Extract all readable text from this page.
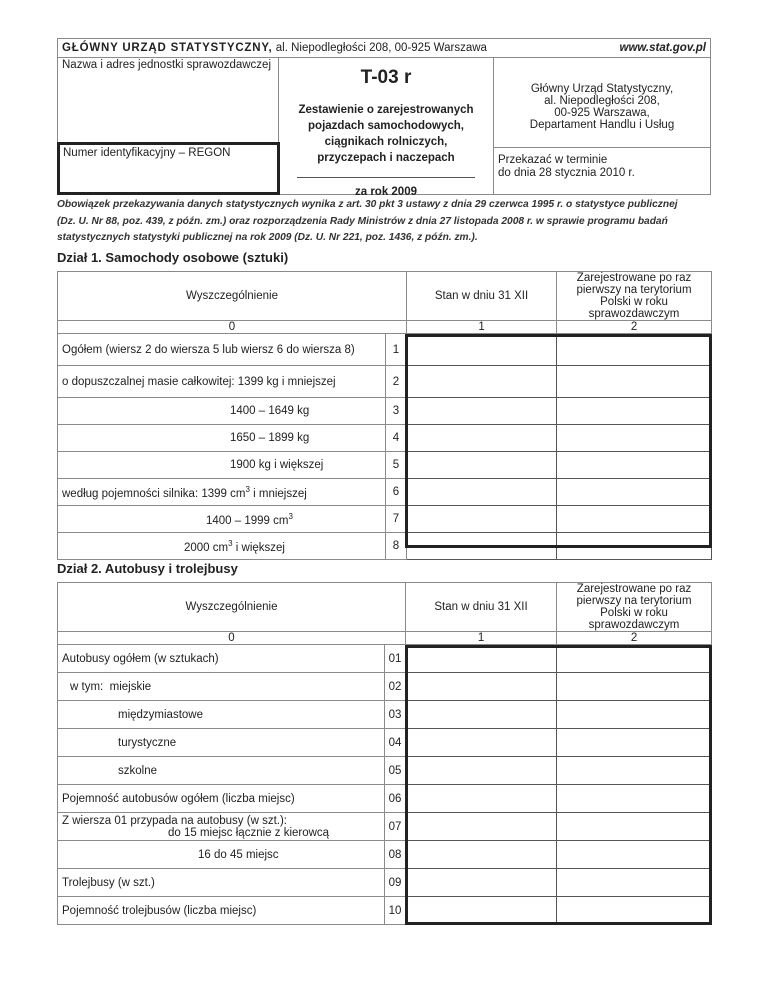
GŁÓWNY URZĄD STATYSTYCZNY, al. Niepodległości 208, 00-925 Warszawa	www.stat.gov.pl
Nazwa i adres jednostki sprawozdawczej
Numer identyfikacyjny – REGON
T-03 r
Zestawienie o zarejestrowanych
pojazdach samochodowych,
ciągnikach rolniczych,
przyczepach i naczepach
za rok 2009
Główny Urząd Statystyczny,
al. Niepodległości 208,
00-925 Warszawa,
Departament Handlu i Usług
Przekazać w terminie
do dnia 28 stycznia 2010 r.
Obowiązek przekazywania danych statystycznych wynika z art. 30 pkt 3 ustawy z dnia 29 czerwca 1995 r. o statystyce publicznej
(Dz. U. Nr 88, poz. 439, z późn. zm.) oraz rozporządzenia Rady Ministrów z dnia 27 listopada 2008 r. w sprawie programu badań
statystycznych statystyki publicznej na rok 2009 (Dz. U. Nr 221, poz. 1436, z późn. zm.).
Dział 1. Samochody osobowe (sztuki)
Wyszczególnienie		Stan w dniu 31 XII	Zarejestrowane po raz pierwszy na terytorium Polski w roku sprawozdawczym
0		1	2
Ogółem (wiersz 2 do wiersza 5 lub wiersz 6 do wiersza 8)	1		
o dopuszczalnej masie całkowitej: 1399 kg i mniejszej	2		
1400 – 1649 kg	3		
1650 – 1899 kg	4		
1900 kg i większej	5		
według pojemności silnika: 1399 $cm^3$ i mniejszej	6		
1400 – 1999 $cm^3$	7		
2000 $cm^3$ i większej	8		
Dział 2. Autobusy i trolejbusy
Wyszczególnienie		Stan w dniu 31 XII	Zarejestrowane po raz pierwszy na terytorium Polski w roku sprawozdawczym
0		1	2
Autobusy ogółem (w sztukach)	01		
w tym:  miejskie	02		
międzymiastowe	03		
turystyczne	04		
szkolne	05		
Pojemność autobusów ogółem (liczba miejsc)	06		

Z wiersza 01 przypada na autobusy (w szt.):
do 15 miejsc łącznie z kierowcą	07		
16 do 45 miejsc	08		
Trolejbusy (w szt.)	09		
Pojemność trolejbusów (liczba miejsc)	10		
